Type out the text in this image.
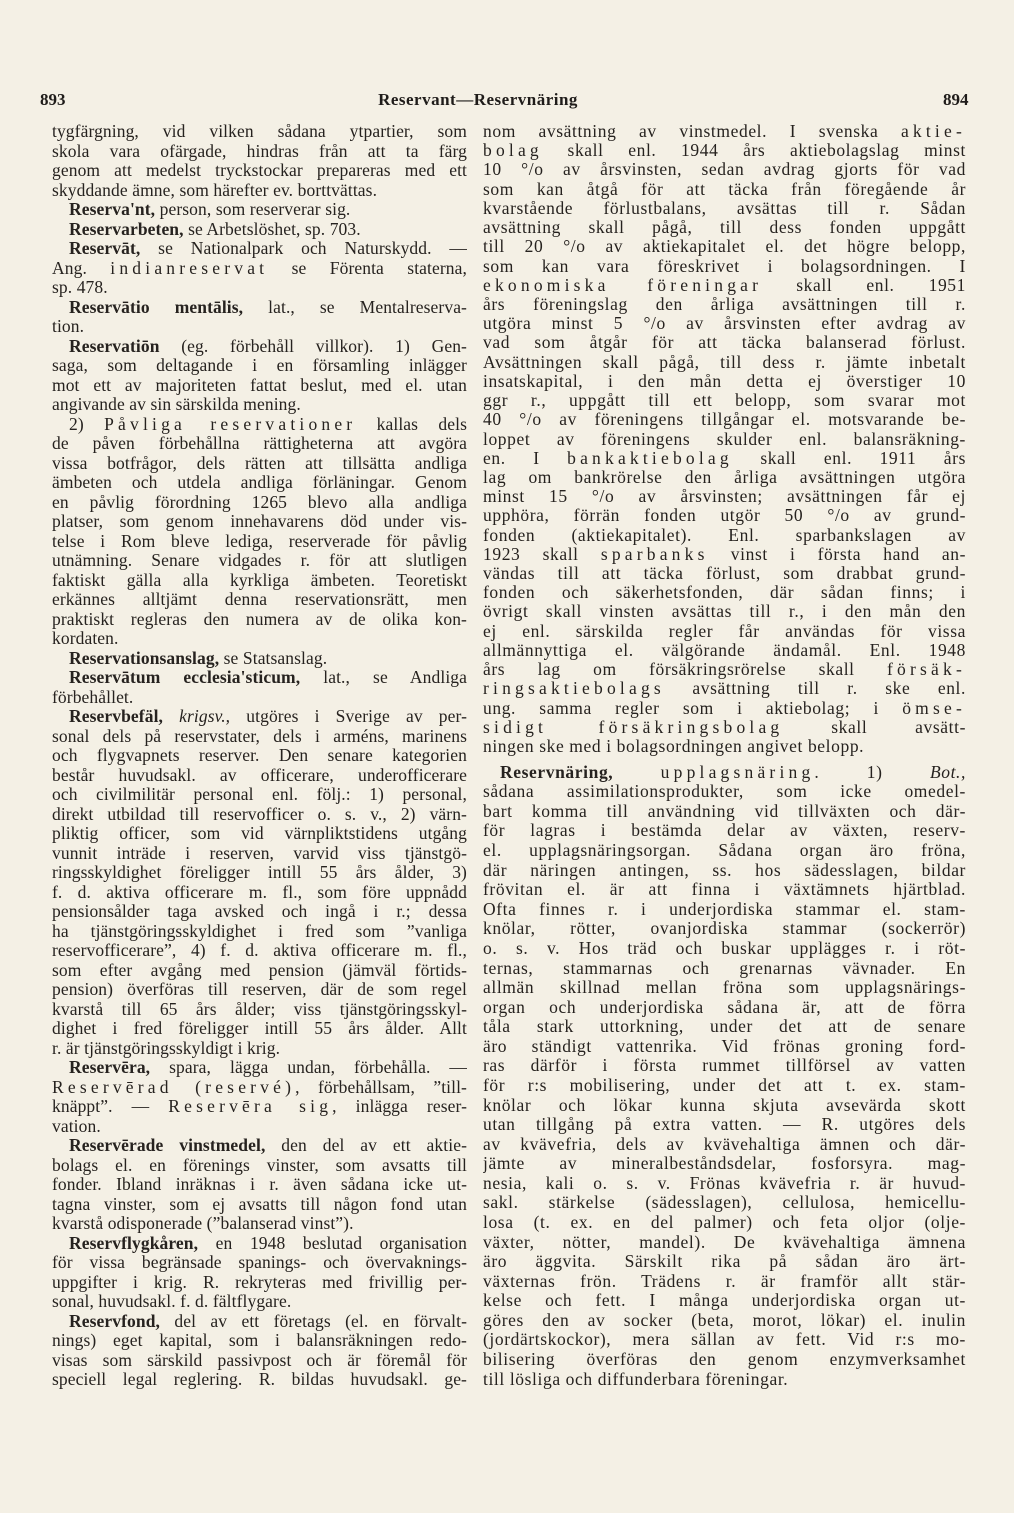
893	Reservant—Reservnäring	894
tygfärgning, vid vilken sådana ytpartier, som
skola vara ofärgade, hindras från att ta färg
genom att medelst tryckstockar prepareras med ett
skyddande ämne, som härefter ev. borttvättas.
Reserva'nt, person, som reserverar sig.
Reservarbeten, se Arbetslöshet, sp. 703.
Reservāt, se Nationalpark och Naturskydd. —
Ang. indianreservat se Förenta staterna,
sp. 478.
Reservātio mentālis, lat., se Mentalreserva-
tion.
Reservatiōn (eg. förbehåll villkor). 1) Gen-
saga, som deltagande i en församling inlägger
mot ett av majoriteten fattat beslut, med el. utan
angivande av sin särskilda mening.
2) Påvliga reservationer kallas dels
de påven förbehållna rättigheterna att avgöra
vissa botfrågor, dels rätten att tillsätta andliga
ämbeten och utdela andliga förläningar. Genom
en påvlig förordning 1265 blevo alla andliga
platser, som genom innehavarens död under vis-
telse i Rom bleve lediga, reserverade för påvlig
utnämning. Senare vidgades r. för att slutligen
faktiskt gälla alla kyrkliga ämbeten. Teoretiskt
erkännes alltjämt denna reservationsrätt, men
praktiskt regleras den numera av de olika kon-
kordaten.
Reservationsanslag, se Statsanslag.
Reservātum ecclesia'sticum, lat., se Andliga
förbehållet.
Reservbefäl, krigsv., utgöres i Sverige av per-
sonal dels på reservstater, dels i arméns, marinens
och flygvapnets reserver. Den senare kategorien
består huvudsakl. av officerare, underofficerare
och civilmilitär personal enl. följ.: 1) personal,
direkt utbildad till reservofficer o. s. v., 2) värn-
pliktig officer, som vid värnpliktstidens utgång
vunnit inträde i reserven, varvid viss tjänstgö-
ringsskyldighet föreligger intill 55 års ålder, 3)
f. d. aktiva officerare m. fl., som före uppnådd
pensionsålder taga avsked och ingå i r.; dessa
ha tjänstgöringsskyldighet i fred som ”vanliga
reservofficerare”, 4) f. d. aktiva officerare m. fl.,
som efter avgång med pension (jämväl förtids-
pension) överföras till reserven, där de som regel
kvarstå till 65 års ålder; viss tjänstgöringsskyl-
dighet i fred föreligger intill 55 års ålder. Allt
r. är tjänstgöringsskyldigt i krig.
Reservēra, spara, lägga undan, förbehålla. —
Reservērad (reservé), förbehållsam, ”till-
knäppt”. — Reservēra sig, inlägga reser-
vation.
Reservērade vinstmedel, den del av ett aktie-
bolags el. en förenings vinster, som avsatts till
fonder. Ibland inräknas i r. även sådana icke ut-
tagna vinster, som ej avsatts till någon fond utan
kvarstå odisponerade (”balanserad vinst”).
Reservflygkåren, en 1948 beslutad organisation
för vissa begränsade spanings- och övervaknings-
uppgifter i krig. R. rekryteras med frivillig per-
sonal, huvudsakl. f. d. fältflygare.
Reservfond, del av ett företags (el. en förvalt-
nings) eget kapital, som i balansräkningen redo-
visas som särskild passivpost och är föremål för
speciell legal reglering. R. bildas huvudsakl. ge-
nom avsättning av vinstmedel. I svenska aktie-
bolag skall enl. 1944 års aktiebolagslag minst
10 °/o av årsvinsten, sedan avdrag gjorts för vad
som kan åtgå för att täcka från föregående år
kvarstående förlustbalans, avsättas till r. Sådan
avsättning skall pågå, till dess fonden uppgått
till 20 °/o av aktiekapitalet el. det högre belopp,
som kan vara föreskrivet i bolagsordningen. I
ekonomiska föreningar skall enl. 1951
års föreningslag den årliga avsättningen till r.
utgöra minst 5 °/o av årsvinsten efter avdrag av
vad som åtgår för att täcka balanserad förlust.
Avsättningen skall pågå, till dess r. jämte inbetalt
insatskapital, i den mån detta ej överstiger 10
ggr r., uppgått till ett belopp, som svarar mot
40 °/o av föreningens tillgångar el. motsvarande be-
loppet av föreningens skulder enl. balansräkning-
en. I bankaktiebolag skall enl. 1911 års
lag om bankrörelse den årliga avsättningen utgöra
minst 15 °/o av årsvinsten; avsättningen får ej
upphöra, förrän fonden utgör 50 °/o av grund-
fonden (aktiekapitalet). Enl. sparbankslagen av
1923 skall sparbanks vinst i första hand an-
vändas till att täcka förlust, som drabbat grund-
fonden och säkerhetsfonden, där sådan finns; i
övrigt skall vinsten avsättas till r., i den mån den
ej enl. särskilda regler får användas för vissa
allmännyttiga el. välgörande ändamål. Enl. 1948
års lag om försäkringsrörelse skall försäk-
ringsaktiebolags avsättning till r. ske enl.
ung. samma regler som i aktiebolag; i ömse-
sidigt försäkringsbolag skall avsätt-
ningen ske med i bolagsordningen angivet belopp.
Reservnäring, upplagsnäring. 1) Bot.,
sådana assimilationsprodukter, som icke omedel-
bart komma till användning vid tillväxten och där-
för lagras i bestämda delar av växten, reserv-
el. upplagsnäringsorgan. Sådana organ äro fröna,
där näringen antingen, ss. hos sädesslagen, bildar
frövitan el. är att finna i växtämnets hjärtblad.
Ofta finnes r. i underjordiska stammar el. stam-
knölar, rötter, ovanjordiska stammar (sockerrör)
o. s. v. Hos träd och buskar upplägges r. i röt-
ternas, stammarnas och grenarnas vävnader. En
allmän skillnad mellan fröna som upplagsnärings-
organ och underjordiska sådana är, att de förra
tåla stark uttorkning, under det att de senare
äro ständigt vattenrika. Vid frönas groning ford-
ras därför i första rummet tillförsel av vatten
för r:s mobilisering, under det att t. ex. stam-
knölar och lökar kunna skjuta avsevärda skott
utan tillgång på extra vatten. — R. utgöres dels
av kvävefria, dels av kvävehaltiga ämnen och där-
jämte av mineralbeståndsdelar, fosforsyra. mag-
nesia, kali o. s. v. Frönas kvävefria r. är huvud-
sakl. stärkelse (sädesslagen), cellulosa, hemicellu-
losa (t. ex. en del palmer) och feta oljor (olje-
växter, nötter, mandel). De kvävehaltiga ämnena
äro äggvita. Särskilt rika på sådan äro ärt-
växternas frön. Trädens r. är framför allt stär-
kelse och fett. I många underjordiska organ ut-
göres den av socker (beta, morot, lökar) el. inulin
(jordärtskockor), mera sällan av fett. Vid r:s mo-
bilisering överföras den genom enzymverksamhet
till lösliga och diffunderbara föreningar.
